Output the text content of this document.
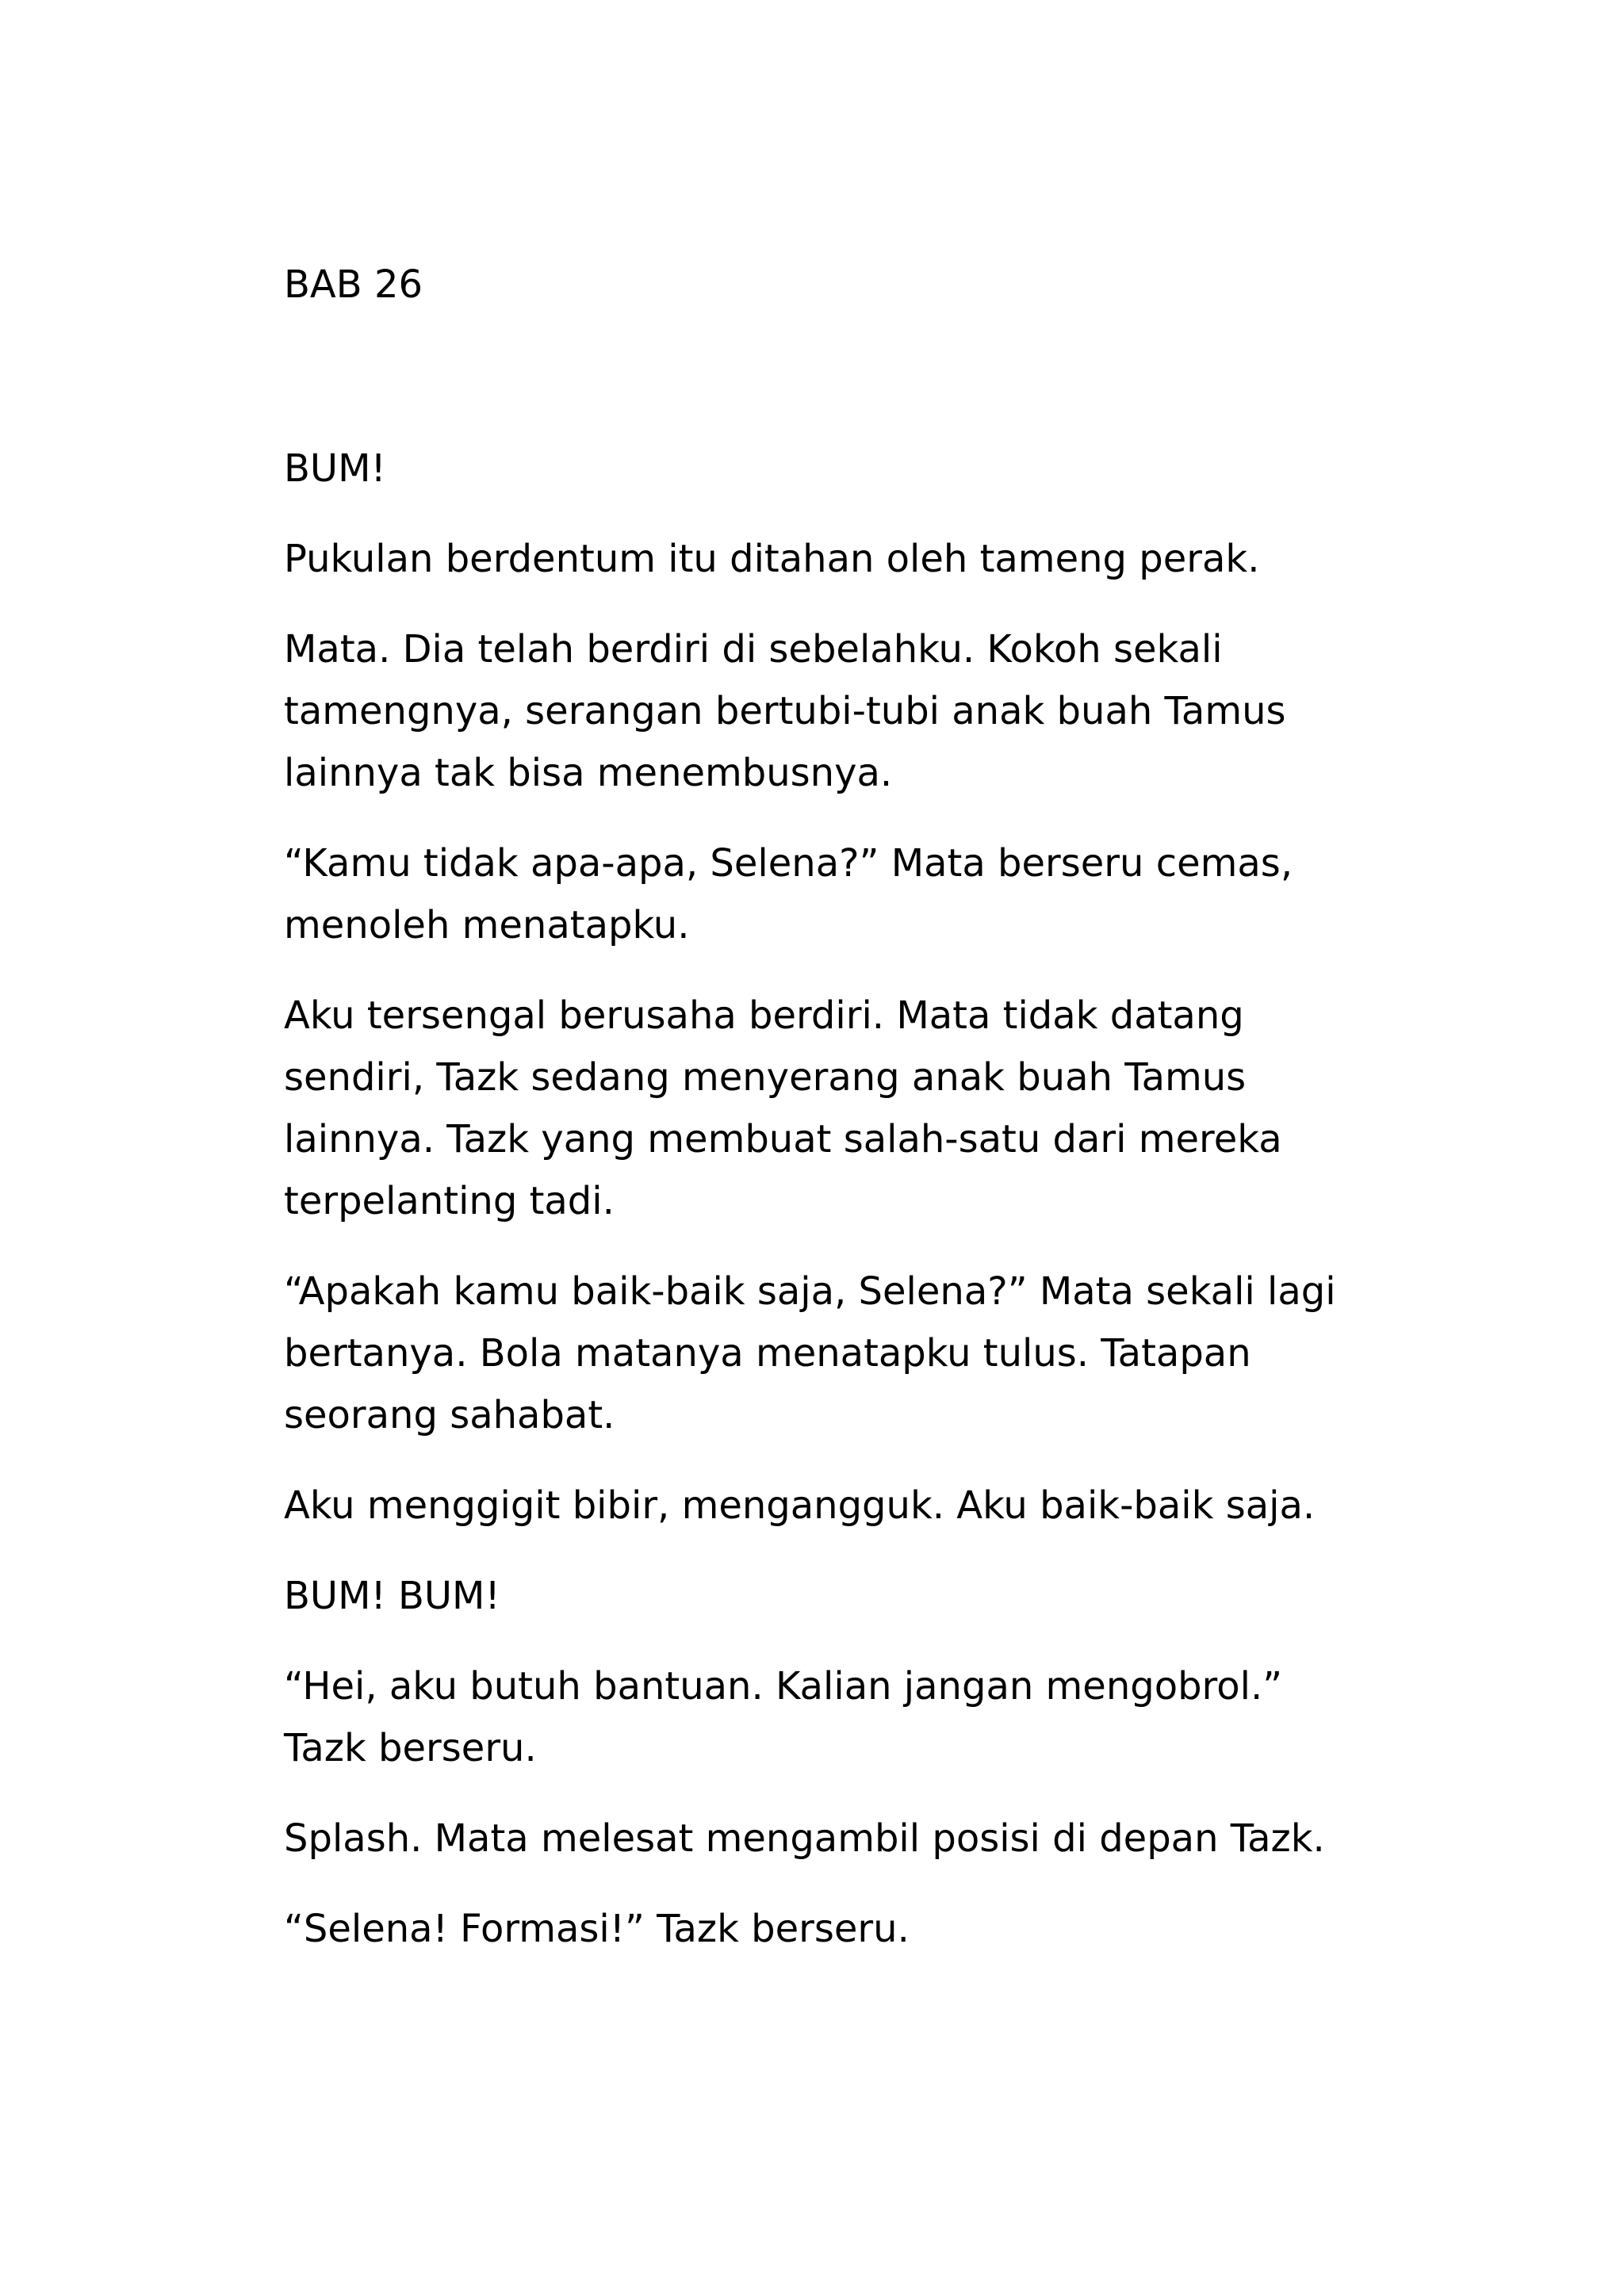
BAB 26

BUM!

Pukulan berdentum itu ditahan oleh tameng perak.

Mata. Dia telah berdiri di sebelahku. Kokoh sekali
tamengnya, serangan bertubi-tubi anak buah Tamus
lainnya tak bisa menembusnya.

“Kamu tidak apa-apa, Selena?” Mata berseru cemas,
menoleh menatapku.

Aku tersengal berusaha berdiri. Mata tidak datang
sendiri, Tazk sedang menyerang anak buah Tamus
lainnya. Tazk yang membuat salah-satu dari mereka
terpelanting tadi.

“Apakah kamu baik-baik saja, Selena?” Mata sekali lagi
bertanya. Bola matanya menatapku tulus. Tatapan
seorang sahabat.

Aku menggigit bibir, mengangguk. Aku baik-baik saja.

BUM! BUM!

“Hei, aku butuh bantuan. Kalian jangan mengobrol.”
Tazk berseru.

Splash. Mata melesat mengambil posisi di depan Tazk.

“Selena! Formasi!” Tazk berseru.
